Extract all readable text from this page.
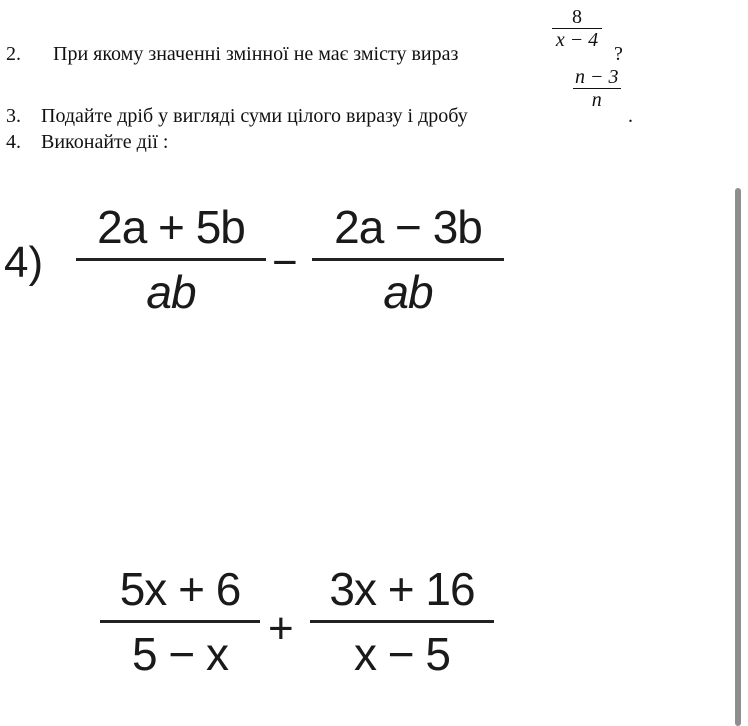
2. При якому значенні змінної не має змісту вираз
$\frac{8}{x - 4}$
?
3. Подайте дріб у вигляді суми цілого виразу і дробу
$\frac{n - 3}{n}$
.
4. Виконайте дії :
$4) \frac{2a + 5b}{ab} - \frac{2a - 3b}{ab}$
$\frac{5x + 6}{5 - x} + \frac{3x + 16}{x - 5}$
